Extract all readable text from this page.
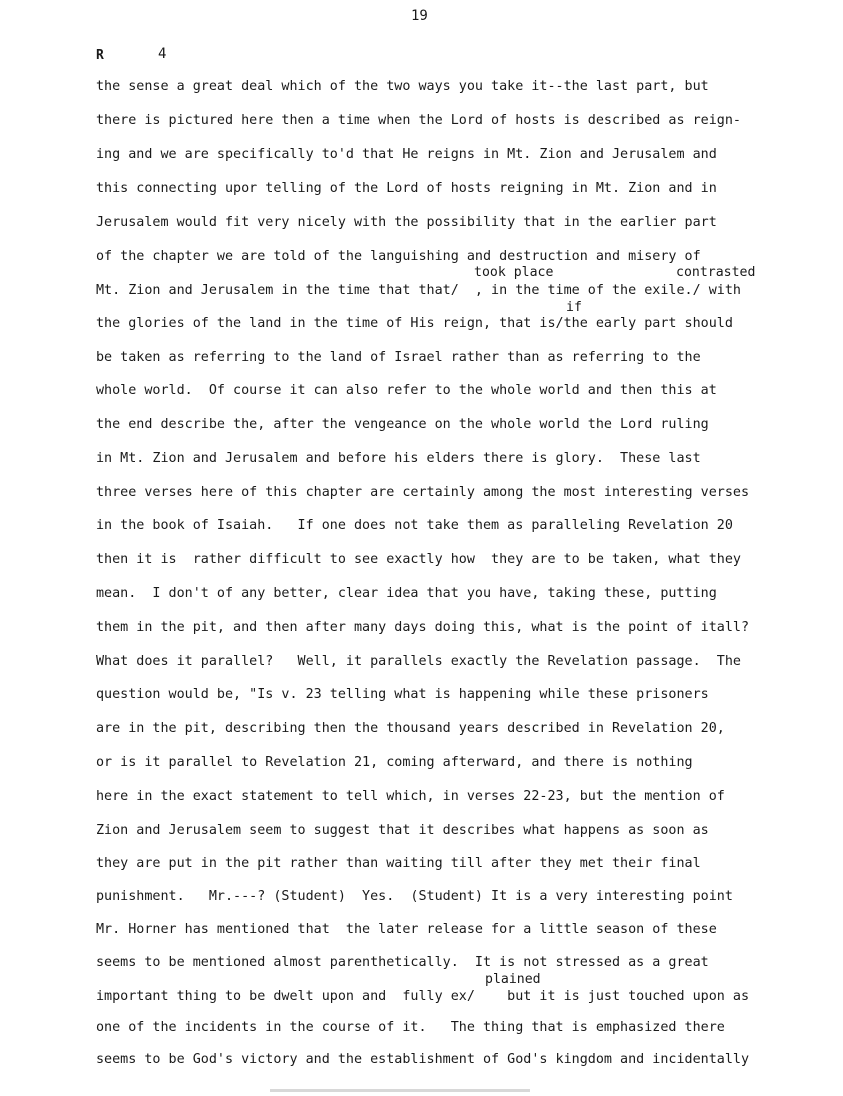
19
R	4
the sense a great deal which of the two ways you take it--the last part, but
there is pictured here then a time when the Lord of hosts is described as reign-
ing and we are specifically to'd that He reigns in Mt. Zion and Jerusalem and
this connecting upor telling of the Lord of hosts reigning in Mt. Zion and in
Jerusalem would fit very nicely with the possibility that in the earlier part
of the chapter we are told of the languishing and destruction and misery of
took place	contrasted
Mt. Zion and Jerusalem in the time that that/  , in the time of the exile./ with
if
the glories of the land in the time of His reign, that is/the early part should
be taken as referring to the land of Israel rather than as referring to the
whole world.  Of course it can also refer to the whole world and then this at
the end describe the, after the vengeance on the whole world the Lord ruling
in Mt. Zion and Jerusalem and before his elders there is glory.  These last
three verses here of this chapter are certainly among the most interesting verses
in the book of Isaiah.   If one does not take them as paralleling Revelation 20
then it is  rather difficult to see exactly how  they are to be taken, what they
mean.  I don't of any better, clear idea that you have, taking these, putting
them in the pit, and then after many days doing this, what is the point of itall?
What does it parallel?   Well, it parallels exactly the Revelation passage.  The
question would be, "Is v. 23 telling what is happening while these prisoners
are in the pit, describing then the thousand years described in Revelation 20,
or is it parallel to Revelation 21, coming afterward, and there is nothing
here in the exact statement to tell which, in verses 22-23, but the mention of
Zion and Jerusalem seem to suggest that it describes what happens as soon as
they are put in the pit rather than waiting till after they met their final
punishment.   Mr.---? (Student)  Yes.  (Student) It is a very interesting point
Mr. Horner has mentioned that  the later release for a little season of these
seems to be mentioned almost parenthetically.  It is not stressed as a great
plained
important thing to be dwelt upon and  fully ex/    but it is just touched upon as
one of the incidents in the course of it.   The thing that is emphasized there
seems to be God's victory and the establishment of God's kingdom and incidentally
